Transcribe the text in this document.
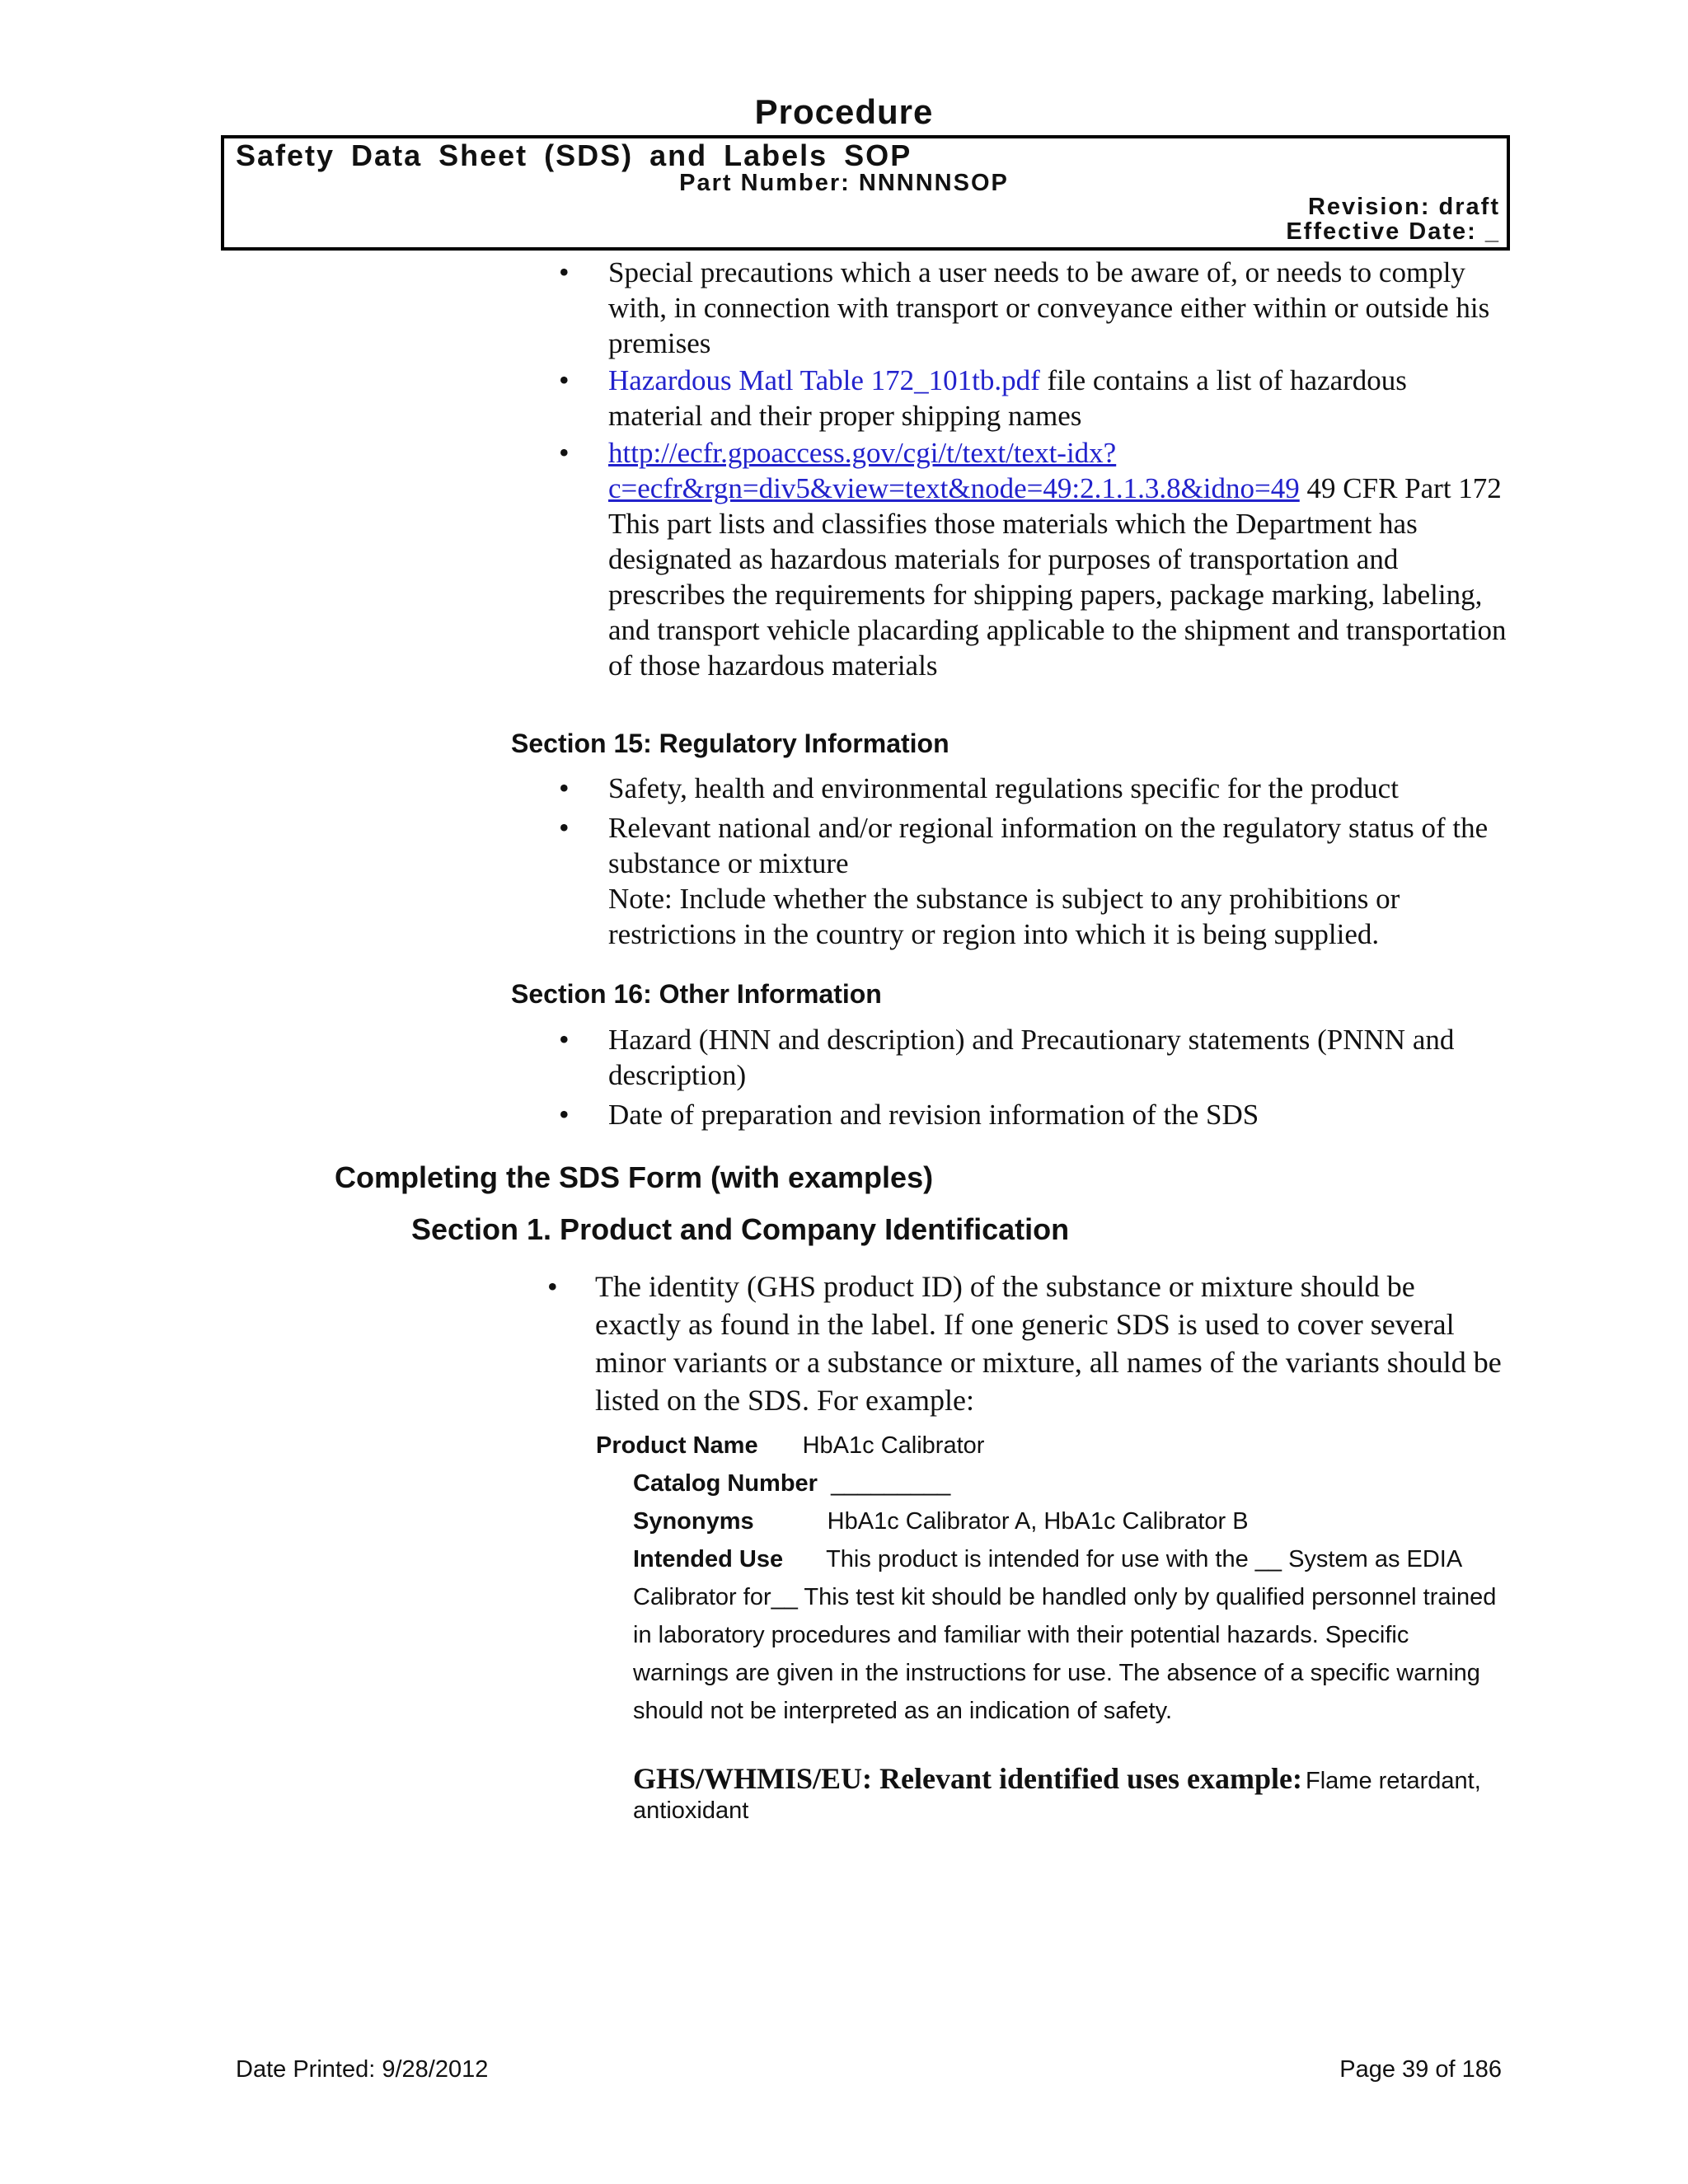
Procedure
Safety Data Sheet (SDS) and Labels SOP
Part Number: NNNNNSOP
Revision: draft
Effective Date: _
• Special precautions which a user needs to be aware of, or needs to comply with, in connection with transport or conveyance either within or outside his premises
• Hazardous Matl Table 172_101tb.pdf file contains a list of hazardous material and their proper shipping names
• http://ecfr.gpoaccess.gov/cgi/t/text/text-idx?
c=ecfr&rgn=div5&view=text&node=49:2.1.1.3.8&idno=49 49 CFR Part 172 This part lists and classifies those materials which the Department has designated as hazardous materials for purposes of transportation and prescribes the requirements for shipping papers, package marking, labeling, and transport vehicle placarding applicable to the shipment and transportation of those hazardous materials
Section 15: Regulatory Information
• Safety, health and environmental regulations specific for the product
• Relevant national and/or regional information on the regulatory status of the substance or mixture
Note: Include whether the substance is subject to any prohibitions or restrictions in the country or region into which it is being supplied.
Section 16: Other Information
• Hazard (HNN and description) and Precautionary statements (PNNN and description)
• Date of preparation and revision information of the SDS
Completing the SDS Form (with examples)
Section 1. Product and Company Identification
• The identity (GHS product ID) of the substance or mixture should be exactly as found in the label. If one generic SDS is used to cover several minor variants or a substance or mixture, all names of the variants should be listed on the SDS. For example:
Product Name HbA1c Calibrator
Catalog Number _________
Synonyms	HbA1c Calibrator A, HbA1c Calibrator B
Intended Use This product is intended for use with the __ System as EDIA Calibrator for__ This test kit should be handled only by qualified personnel trained in laboratory procedures and familiar with their potential hazards. Specific warnings are given in the instructions for use. The absence of a specific warning should not be interpreted as an indication of safety.
GHS/WHMIS/EU: Relevant identified uses example: Flame retardant, antioxidant
Date Printed: 9/28/2012	Page 39 of 186
